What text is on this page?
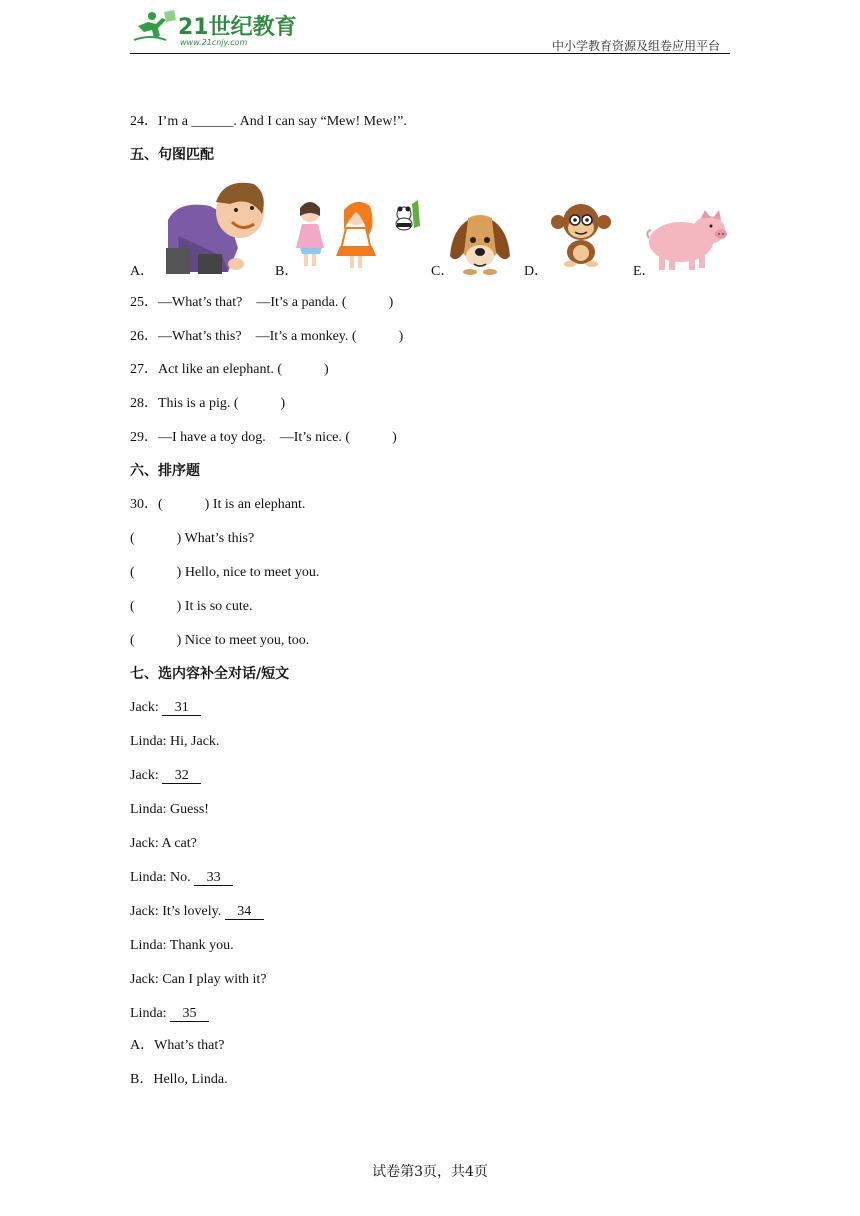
21世纪教育
www.21cnjy.com	中小学教育资源及组卷应用平台
24．I’m a ______. And I can say “Mew! Mew!”.
五、句图匹配
A．	B．	C．	D．	E．
25．—What’s that?    —It’s a panda. (	)
26．—What’s this?    —It’s a monkey. (	)
27．Act like an elephant. (	)
28．This is a pig. (	)
29．—I have a toy dog.    —It’s nice. (	)
六、排序题
30．(	) It is an elephant.
(	) What’s this?
(	) Hello, nice to meet you.
(	) It is so cute.
(	) Nice to meet you, too.
七、选内容补全对话/短文
Jack:    31
Linda: Hi, Jack.
Jack:    32
Linda: Guess!
Jack: A cat?
Linda: No.    33
Jack: It’s lovely.    34
Linda: Thank you.
Jack: Can I play with it?
Linda:    35
A．What’s that?
B．Hello, Linda.
试卷第3页，共4页
